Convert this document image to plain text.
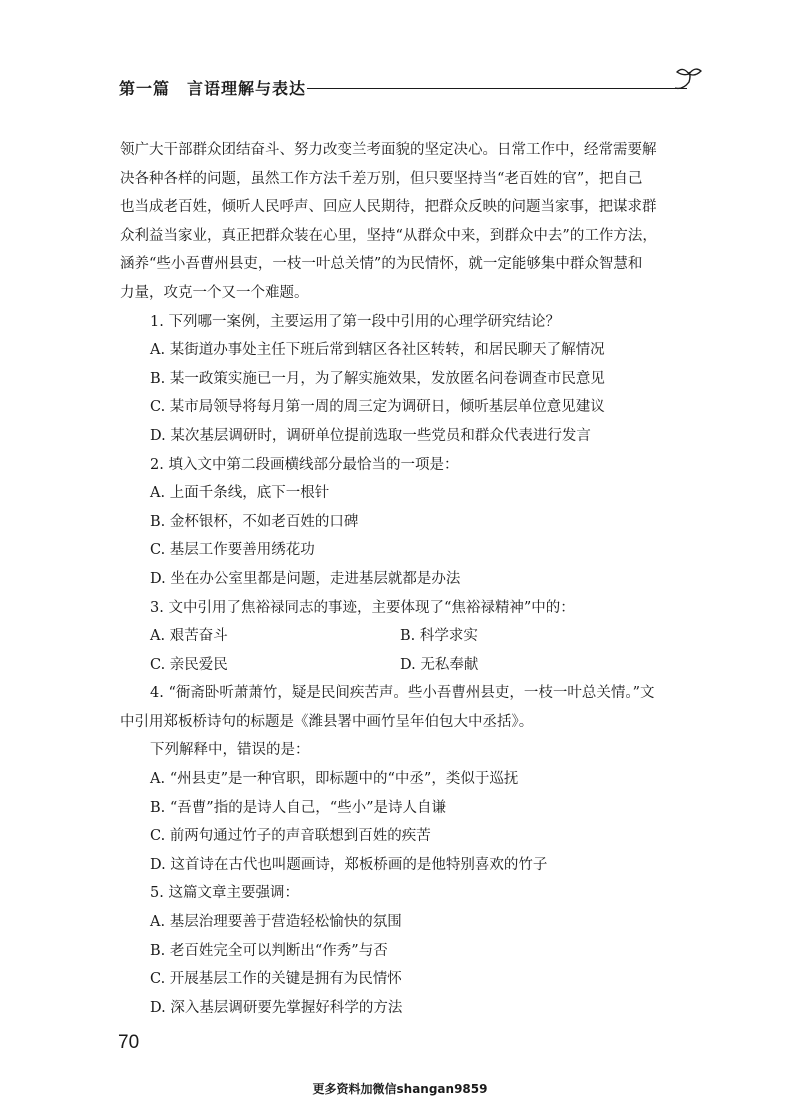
第一篇　言语理解与表达

领广大干部群众团结奋斗、努力改变兰考面貌的坚定决心。日常工作中，经常需要解

决各种各样的问题，虽然工作方法千差万别，但只要坚持当“老百姓的官”，把自己

也当成老百姓，倾听人民呼声、回应人民期待，把群众反映的问题当家事，把谋求群

众利益当家业，真正把群众装在心里，坚持“从群众中来，到群众中去”的工作方法，

涵养“些小吾曹州县吏，一枝一叶总关情”的为民情怀，就一定能够集中群众智慧和

力量，攻克一个又一个难题。

1. 下列哪一案例，主要运用了第一段中引用的心理学研究结论？

A. 某街道办事处主任下班后常到辖区各社区转转，和居民聊天了解情况

B. 某一政策实施已一月，为了解实施效果，发放匿名问卷调查市民意见

C. 某市局领导将每月第一周的周三定为调研日，倾听基层单位意见建议

D. 某次基层调研时，调研单位提前选取一些党员和群众代表进行发言

2. 填入文中第二段画横线部分最恰当的一项是：

A. 上面千条线，底下一根针

B. 金杯银杯，不如老百姓的口碑

C. 基层工作要善用绣花功

D. 坐在办公室里都是问题，走进基层就都是办法

3. 文中引用了焦裕禄同志的事迹，主要体现了“焦裕禄精神”中的：

A. 艰苦奋斗	B. 科学求实
C. 亲民爱民	D. 无私奉献

4. “衙斋卧听萧萧竹，疑是民间疾苦声。些小吾曹州县吏，一枝一叶总关情。”文

中引用郑板桥诗句的标题是《潍县署中画竹呈年伯包大中丞括》。

下列解释中，错误的是：

A. “州县吏”是一种官职，即标题中的“中丞”，类似于巡抚

B. “吾曹”指的是诗人自己，“些小”是诗人自谦

C. 前两句通过竹子的声音联想到百姓的疾苦

D. 这首诗在古代也叫题画诗，郑板桥画的是他特别喜欢的竹子

5. 这篇文章主要强调：

A. 基层治理要善于营造轻松愉快的氛围

B. 老百姓完全可以判断出“作秀”与否

C. 开展基层工作的关键是拥有为民情怀

D. 深入基层调研要先掌握好科学的方法

70
更多资料加微信shangan9859
